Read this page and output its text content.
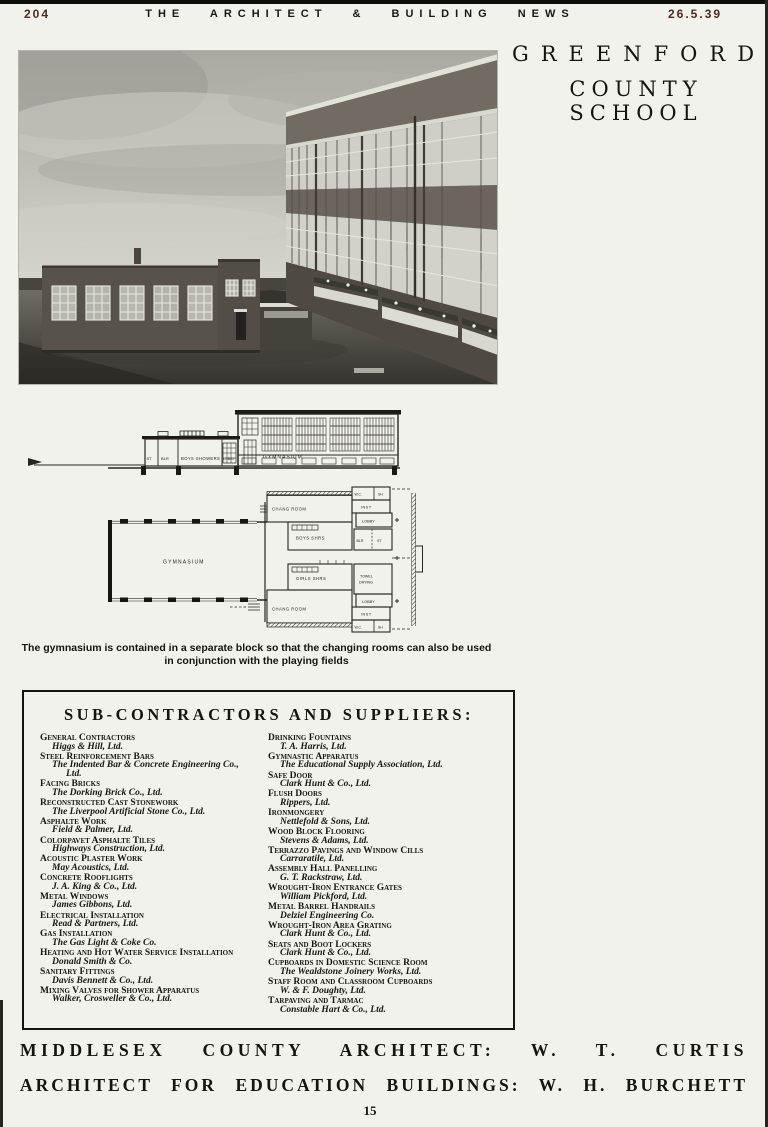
204	THE ARCHITECT & BUILDING NEWS	26.5.39
GREENFORD
COUNTY SCHOOL
ST BLR	BOYS SHOWERS LOBBY	GYMNASIUM
GYMNASIUM
CHANG ROOM
W.C.	SH
INST
LOBBY
BOYS SHRS
BLR	ST
GIRLS SHRS	TOWEL
DRYING
LOBBY
CHANG ROOM
INST
W.C.	SH
The gymnasium is contained in a separate block so that the changing rooms can also be used
in conjunction with the playing fields
SUB-CONTRACTORS AND SUPPLIERS:
General Contractors
Higgs & Hill, Ltd.
Steel Reinforcement Bars
The Indented Bar & Concrete Engineering Co., Ltd.
Facing Bricks
The Dorking Brick Co., Ltd.
Reconstructed Cast Stonework
The Liverpool Artificial Stone Co., Ltd.
Asphalte Work
Field & Palmer, Ltd.
Colorpavet Asphalte Tiles
Highways Construction, Ltd.
Acoustic Plaster Work
May Acoustics, Ltd.
Concrete Rooflights
J. A. King & Co., Ltd.
Metal Windows
James Gibbons, Ltd.
Electrical Installation
Read & Partners, Ltd.
Gas Installation
The Gas Light & Coke Co.
Heating and Hot Water Service Installation
Donald Smith & Co.
Sanitary Fittings
Davis Bennett & Co., Ltd.
Mixing Valves for Shower Apparatus
Walker, Crosweller & Co., Ltd.
Drinking Fountains
T. A. Harris, Ltd.
Gymnastic Apparatus
The Educational Supply Association, Ltd.
Safe Door
Clark Hunt & Co., Ltd.
Flush Doors
Rippers, Ltd.
Ironmongery
Nettlefold & Sons, Ltd.
Wood Block Flooring
Stevens & Adams, Ltd.
Terrazzo Pavings and Window Cills
Carraratile, Ltd.
Assembly Hall Panelling
G. T. Rackstraw, Ltd.
Wrought-Iron Entrance Gates
William Pickford, Ltd.
Metal Barrel Handrails
Delziel Engineering Co.
Wrought-Iron Area Grating
Clark Hunt & Co., Ltd.
Seats and Boot Lockers
Clark Hunt & Co., Ltd.
Cupboards in Domestic Science Room
The Wealdstone Joinery Works, Ltd.
Staff Room and Classroom Cupboards
W. & F. Doughty, Ltd.
Tarpaving and Tarmac
Constable Hart & Co., Ltd.
MIDDLESEX COUNTY ARCHITECT: W. T. CURTIS
ARCHITECT FOR EDUCATION BUILDINGS: W. H. BURCHETT
15
